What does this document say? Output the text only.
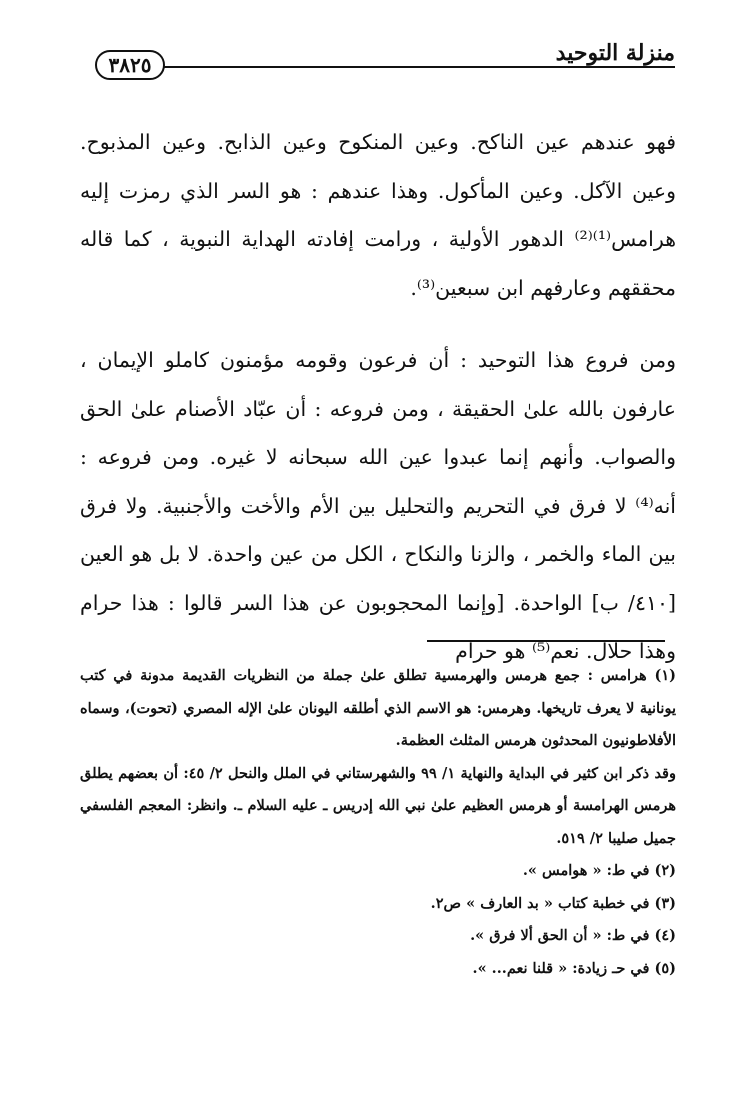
منزلة التوحيد
٣٨٢٥

فهو عندهم عين الناكح. وعين المنكوح وعين الذابح. وعين المذبوح. وعين الآكل. وعين المأكول. وهذا عندهم : هو السر الذي رمزت إليه هرامس⁽¹⁾⁽²⁾ الدهور الأولية ، ورامت إفادته الهداية النبوية ، كما قاله محققهم وعارفهم ابن سبعين⁽³⁾.

ومن فروع هذا التوحيد : أن فرعون وقومه مؤمنون كاملو الإيمان ، عارفون بالله علىٰ الحقيقة ، ومن فروعه : أن عبّاد الأصنام علىٰ الحق والصواب. وأنهم إنما عبدوا عين الله سبحانه لا غيره. ومن فروعه : أنه⁽⁴⁾ لا فرق في التحريم والتحليل بين الأم والأخت والأجنبية. ولا فرق بين الماء والخمر ، والزنا والنكاح ، الكل من عين واحدة. لا بل هو العين [٤١٠/ ب] الواحدة. [وإنما المحجوبون عن هذا السر قالوا : هذا حرام وهذا حلال. نعم⁽⁵⁾ هو حرام

(١) هرامس : جمع هرمس والهرمسية تطلق علىٰ جملة من النظريات القديمة مدونة في كتب يونانية لا يعرف تاريخها. وهرمس: هو الاسم الذي أطلقه اليونان علىٰ الإله المصري (تحوت)، وسماه الأفلاطونيون المحدثون هرمس المثلث العظمة.

وقد ذكر ابن كثير في البداية والنهاية ١/ ٩٩ والشهرستاني في الملل والنحل ٢/ ٤٥: أن بعضهم يطلق هرمس الهرامسة أو هرمس العظيم علىٰ نبي الله إدريس ـ عليه السلام ـ. وانظر: المعجم الفلسفي جميل صليبا ٢/ ٥١٩.

(٢) في ط: « هوامس ».

(٣) في خطبة كتاب « بد العارف » ص٢.

(٤) في ط: « أن الحق ألا فرق ».

(٥) في حـ زيادة: « قلنا نعم... ».
